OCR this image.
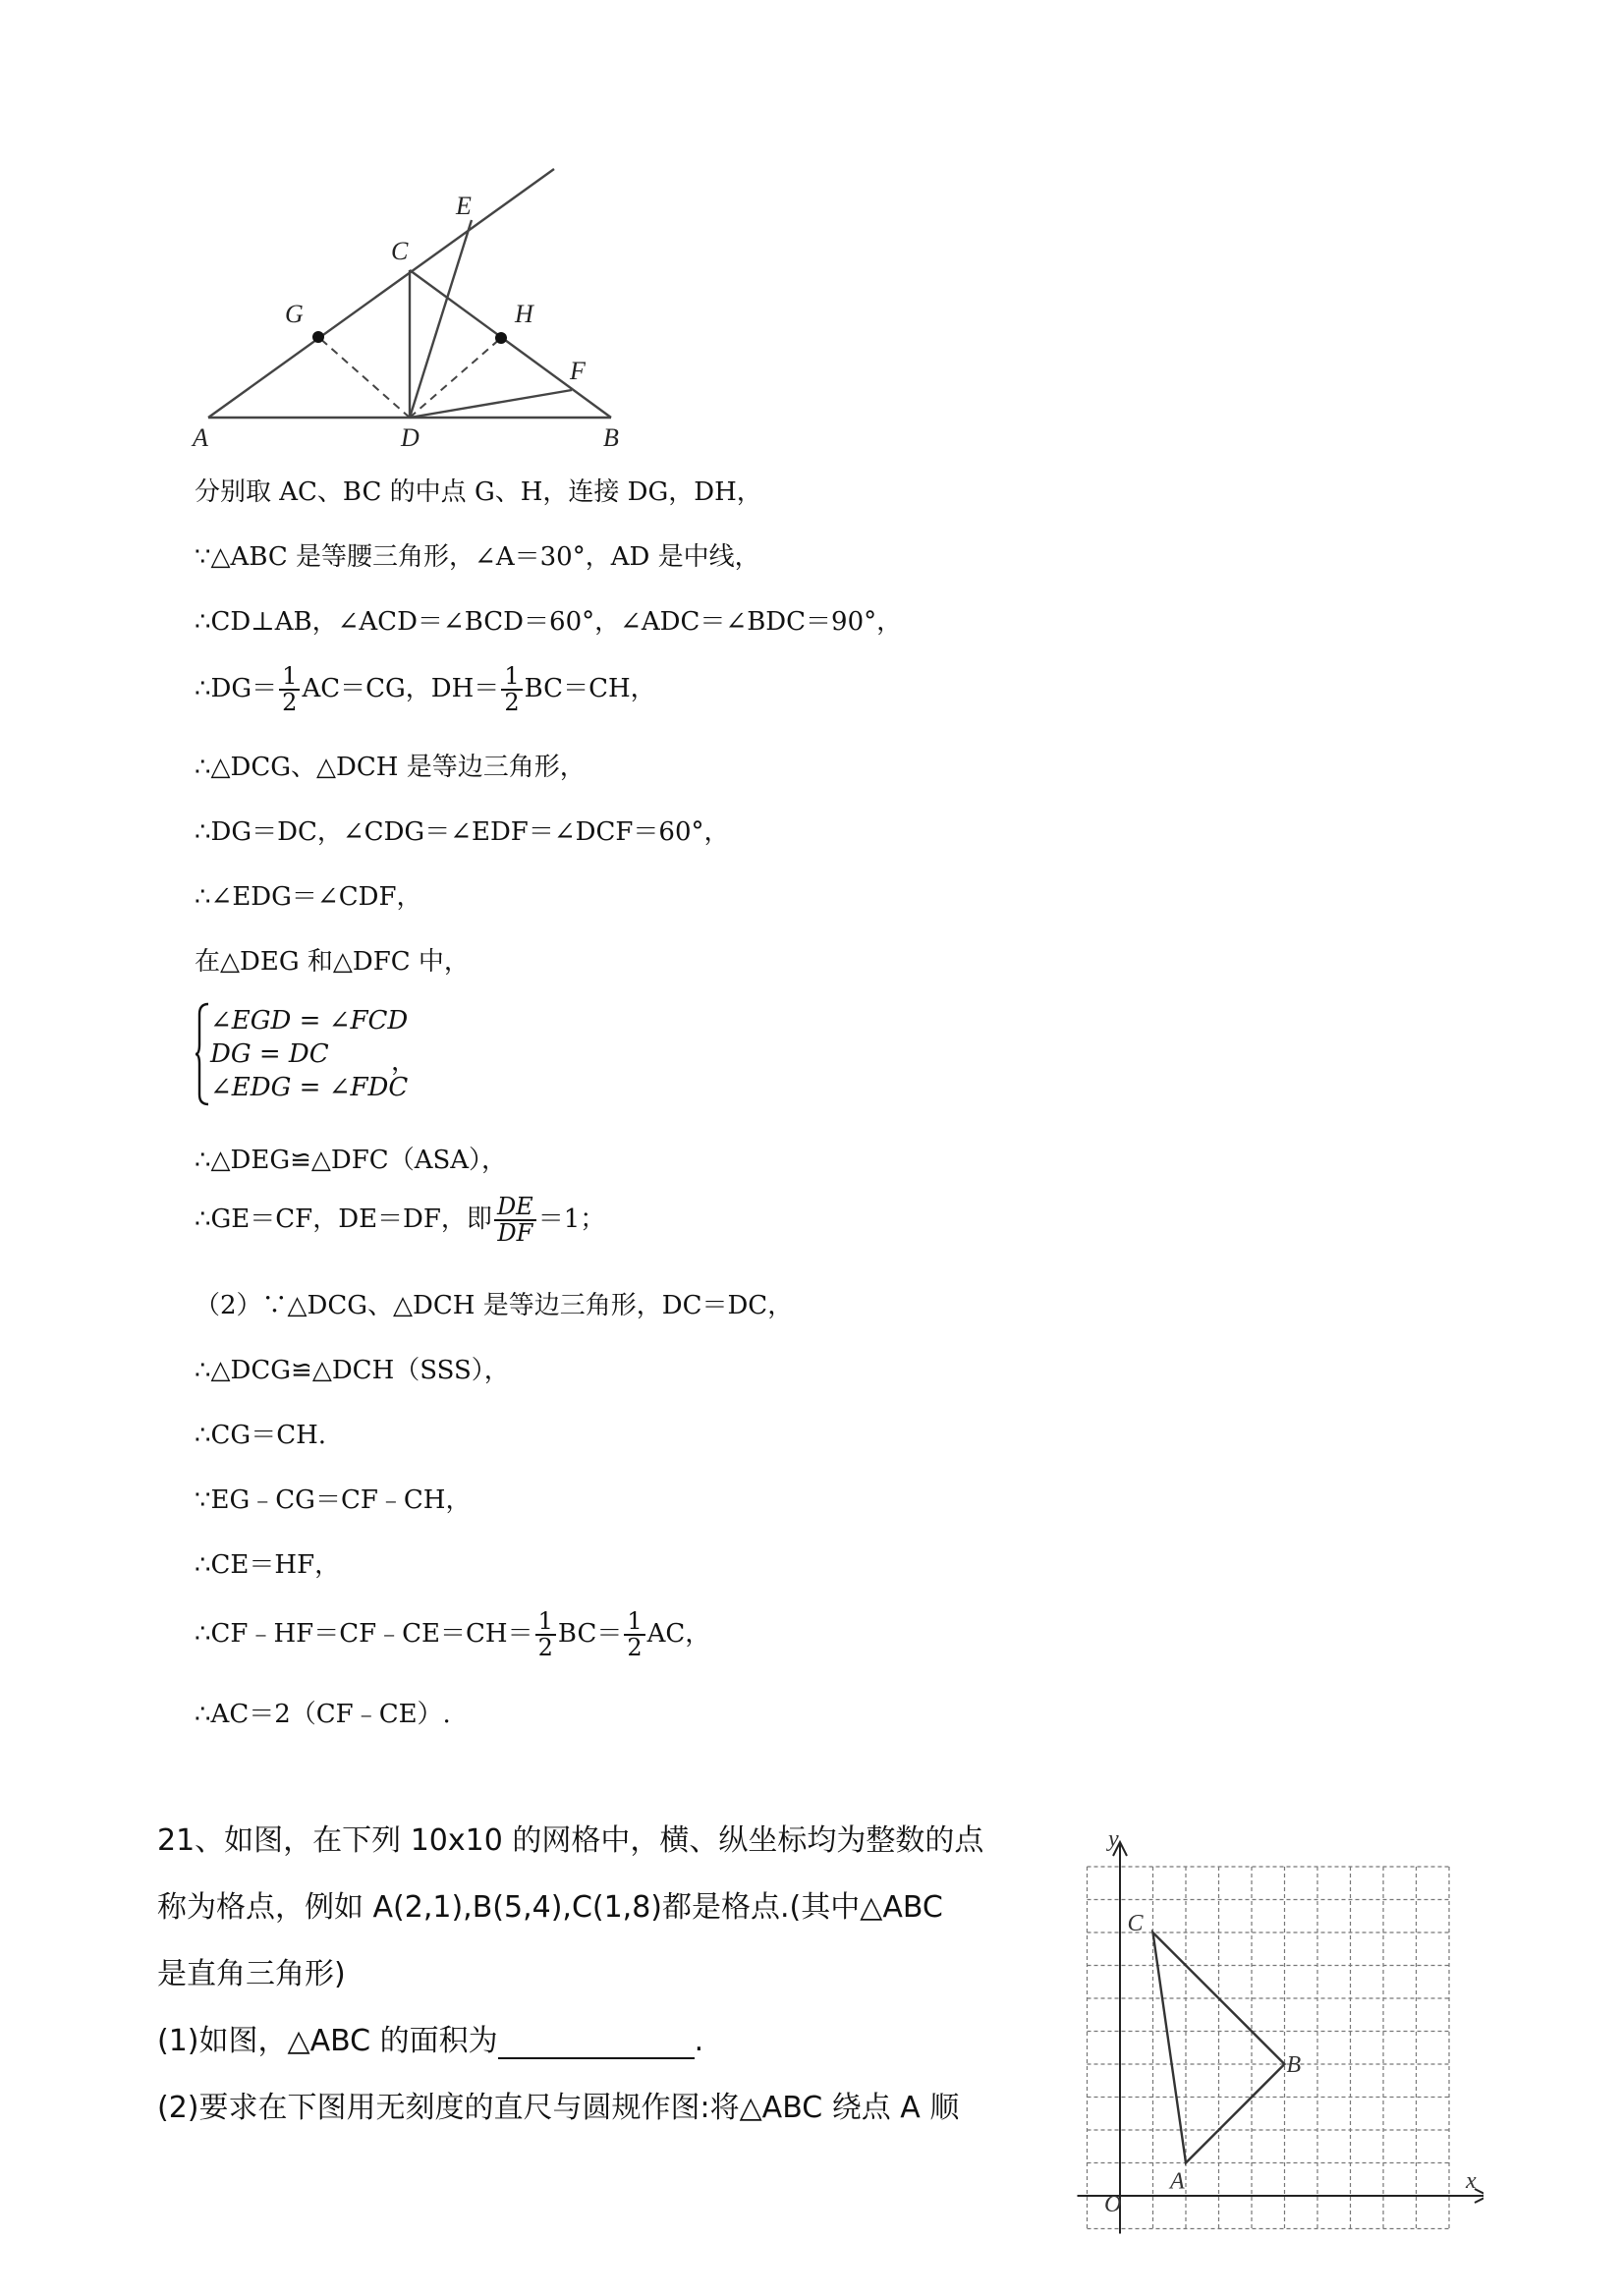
A	B
C
D
E
F
G	H
分别取 AC、BC 的中点 G、H，连接 DG，DH，
∵△ABC 是等腰三角形，∠A＝30°，AD 是中线，
∴CD⊥AB，∠ACD＝∠BCD＝60°，∠ADC＝∠BDC＝90°，
∴DG＝ $\frac{1}{2} AC=CG$，$DH= \frac{1}{2} BC=CH$，
∴△DCG、△DCH 是等边三角形，
∴DG＝DC，∠CDG＝∠EDF＝∠DCF＝60°，
∴∠EDG＝∠CDF，
在△DEG 和△DFC 中，
∠EGD = ∠FCD
DG = DC
∠EDG = ∠FDC
，
∴△DEG≌△DFC（ASA），
∴GE＝CF，DE＝DF，即 $\frac{DE}{DF} =1$；
（2）∵△DCG、△DCH 是等边三角形，DC＝DC，
∴△DCG≌△DCH（SSS），
∴CG＝CH.
∵EG﹣CG＝CF﹣CH，
∴CE＝HF，
∴CF﹣HF＝CF﹣CE＝CH＝ $\frac{1}{2} BC= \frac{1}{2}$ AC，
∴AC＝2（CF﹣CE）.
21、如图，在下列 10x10 的网格中，横、纵坐标均为整数的点
称为格点，例如 A(2,1),B(5,4),C(1,8)都是格点.(其中△ABC
是直角三角形)
(1)如图，△ABC 的面积为	.
(2)要求在下图用无刻度的直尺与圆规作图:将△ABC 绕点 A 顺
y
x
O
A
B
C
